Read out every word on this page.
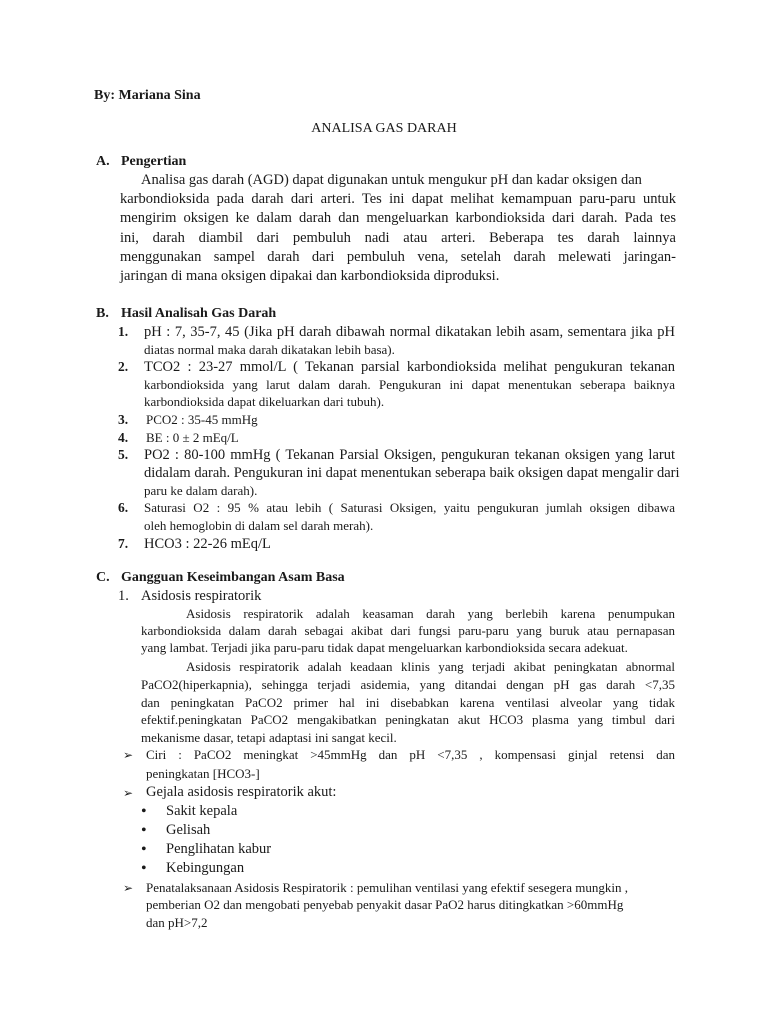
By: Mariana Sina
ANALISA GAS DARAH
A. Pengertian
Analisa gas darah (AGD) dapat digunakan untuk mengukur pH dan kadar oksigen dan
karbondioksida pada darah dari arteri. Tes ini dapat melihat kemampuan paru-paru untuk
mengirim oksigen ke dalam darah dan mengeluarkan karbondioksida dari darah. Pada tes
ini, darah diambil dari pembuluh nadi atau arteri. Beberapa tes darah lainnya
menggunakan sampel darah dari pembuluh vena, setelah darah melewati jaringan-
jaringan di mana oksigen dipakai dan karbondioksida diproduksi.
B. Hasil Analisah Gas Darah
1. pH : 7, 35-7, 45 (Jika pH darah dibawah normal dikatakan lebih asam, sementara jika pH
diatas normal maka darah dikatakan lebih basa).
2. TCO2 : 23-27 mmol/L ( Tekanan parsial karbondioksida melihat pengukuran tekanan
karbondioksida yang larut dalam darah. Pengukuran ini dapat menentukan seberapa baiknya
karbondioksida dapat dikeluarkan dari tubuh).
3. PCO2 : 35-45 mmHg
4. BE : 0 ± 2 mEq/L
5. PO2 : 80-100 mmHg ( Tekanan Parsial Oksigen, pengukuran tekanan oksigen yang larut
didalam darah. Pengukuran ini dapat menentukan seberapa baik oksigen dapat mengalir dari
paru ke dalam darah).
6. Saturasi O2 : 95 % atau lebih ( Saturasi Oksigen, yaitu pengukuran jumlah oksigen dibawa
oleh hemoglobin di dalam sel darah merah).
7. HCO3 : 22-26 mEq/L
C. Gangguan Keseimbangan Asam Basa
1. Asidosis respiratorik
Asidosis respiratorik adalah keasaman darah yang berlebih karena penumpukan
karbondioksida dalam darah sebagai akibat dari fungsi paru-paru yang buruk atau pernapasan
yang lambat. Terjadi jika paru-paru tidak dapat mengeluarkan karbondioksida secara adekuat.
Asidosis respiratorik adalah keadaan klinis yang terjadi akibat peningkatan abnormal
PaCO2(hiperkapnia), sehingga terjadi asidemia, yang ditandai dengan pH gas darah <7,35
dan peningkatan PaCO2 primer hal ini disebabkan karena ventilasi alveolar yang tidak
efektif.peningkatan PaCO2 mengakibatkan peningkatan akut HCO3 plasma yang timbul dari
mekanisme dasar, tetapi adaptasi ini sangat kecil.
➢ Ciri : PaCO2 meningkat >45mmHg dan pH <7,35 , kompensasi ginjal retensi dan
peningkatan [HCO3-]
➢ Gejala asidosis respiratorik akut:
• Sakit kepala
• Gelisah
• Penglihatan kabur
• Kebingungan
➢ Penatalaksanaan Asidosis Respiratorik : pemulihan ventilasi yang efektif sesegera mungkin ,
pemberian O2 dan mengobati penyebab penyakit dasar PaO2 harus ditingkatkan >60mmHg
dan pH>7,2
